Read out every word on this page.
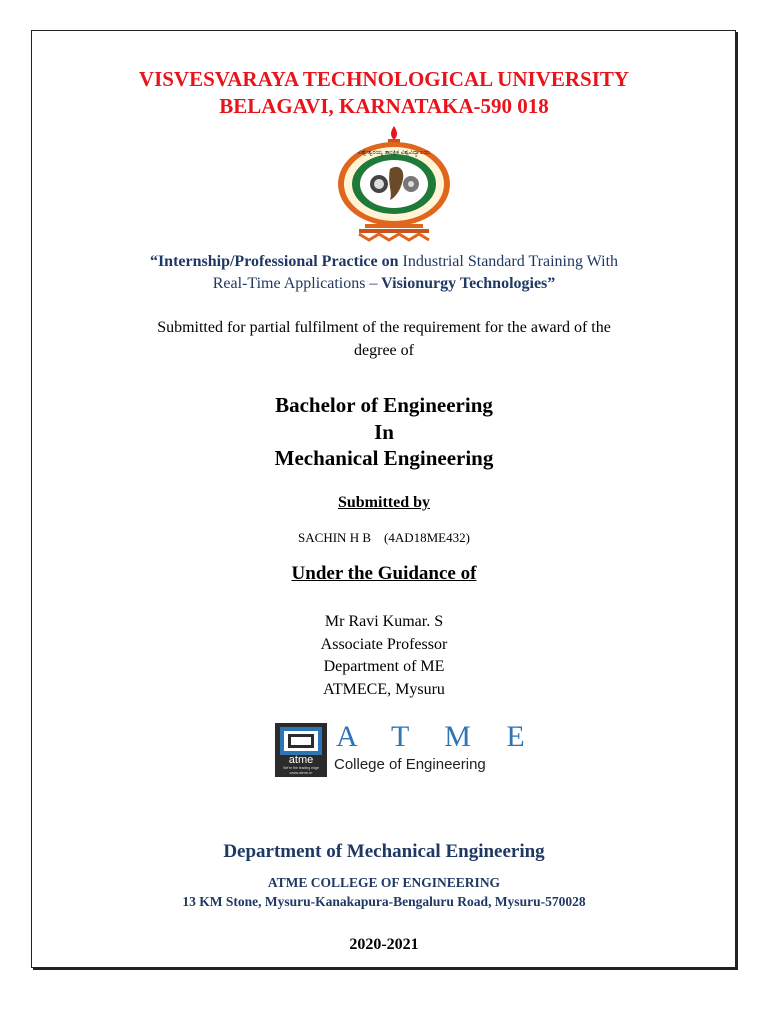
VISVESVARAYA TECHNOLOGICAL UNIVERSITY
BELAGAVI, KARNATAKA-590 018
ವಿಶ್ವೇಶ್ವರಯ್ಯ ತಾಂತ್ರಿಕ ವಿಶ್ವವಿದ್ಯಾಲಯ
“Internship/Professional Practice on Industrial Standard Training With
Real-Time Applications – Visionurgy Technologies”
Submitted for partial fulfilment of the requirement for the award of the
degree of
Bachelor of Engineering
In
Mechanical Engineering
Submitted by
SACHIN H B    (4AD18ME432)
Under the Guidance of
Mr Ravi Kumar. S
Associate Professor
Department of ME
ATMECE, Mysuru
atme
We're the leading edge
www.atme.in
A T M E
College of Engineering
Department of Mechanical Engineering
ATME COLLEGE OF ENGINEERING
13 KM Stone, Mysuru-Kanakapura-Bengaluru Road, Mysuru-570028
2020-2021
